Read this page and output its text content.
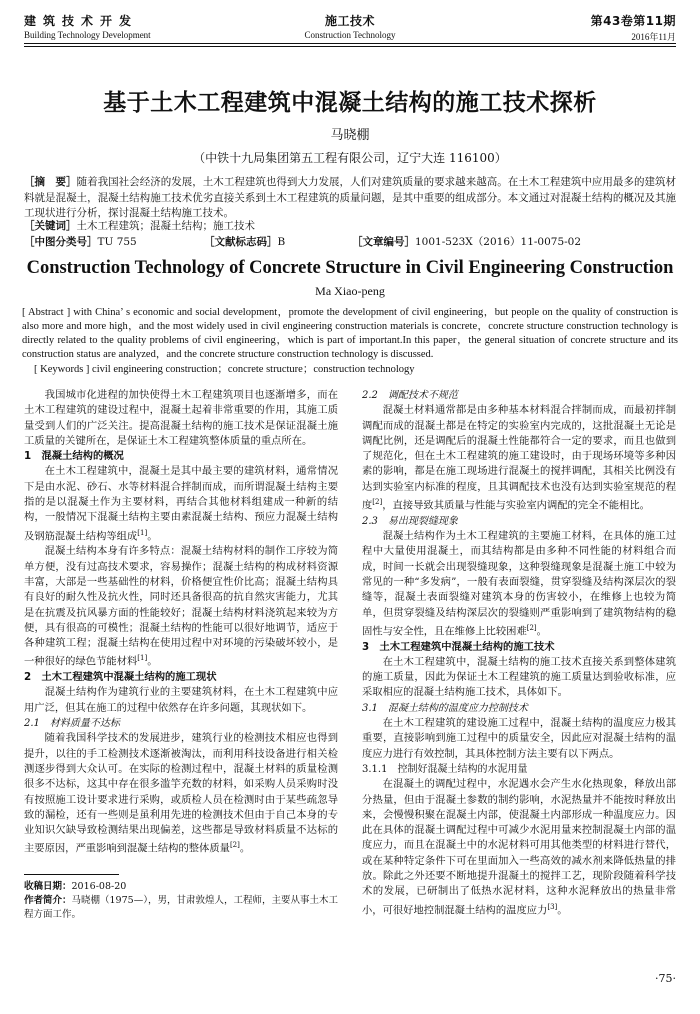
建筑技术开发
Building Technology Development
施工技术
Construction Technology
第43卷第11期
2016年11月
基于土木工程建筑中混凝土结构的施工技术探析
马晓棚
（中铁十九局集团第五工程有限公司，辽宁大连 116100）
［摘　要］随着我国社会经济的发展，土木工程建筑也得到大力发展，人们对建筑质量的要求越来越高。在土木工程建筑中应用最多的建筑材料就是混凝土，混凝土结构施工技术优劣直接关系到土木工程建筑的质量问题，是其中重要的组成部分。本文通过对混凝土结构的概况及其施工现状进行分析，探讨混凝土结构施工技术。
［关键词］土木工程建筑；混凝土结构；施工技术
［中图分类号］TU 755	［文献标志码］B	［文章编号］1001-523X（2016）11-0075-02
Construction Technology of Concrete Structure in Civil Engineering Construction
Ma Xiao-peng
[ Abstract ] with China’ s economic and social development，promote the development of civil engineering，but people on the quality of construction is also more and more high，and the most widely used in civil engineering construction materials is concrete，concrete structure construction technology is directly related to the quality problems of civil engineering，which is part of important.In this paper，the general situation of concrete structure and its construction status are analyzed，and the concrete structure construction technology is discussed.
[ Keywords ] civil engineering construction；concrete structure；construction technology

我国城市化进程的加快使得土木工程建筑项目也逐渐增多，而在土木工程建筑的建设过程中，混凝土起着非常重要的作用，其施工质量受到人们的广泛关注。提高混凝土结构的施工技术是保证混凝土施工质量的关键所在，是保证土木工程建筑整体质量的重点所在。

1　混凝土结构的概况

在土木工程建筑中，混凝土是其中最主要的建筑材料，通常情况下是由水泥、砂石、水等材料混合拌制而成，而所谓混凝土结构主要指的是以混凝土作为主要材料，再结合其他材料组建成一种新的结构，一般情况下混凝土结构主要由素混凝土结构、预应力混凝土结构及钢筋混凝土结构等组成[1]。

混凝土结构本身有许多特点：混凝土结构材料的制作工序较为简单方便，没有过高技术要求，容易操作；混凝土结构的构成材料资源丰富，大部是一些基础性的材料，价格便宜性价比高；混凝土结构具有良好的耐久性及抗火性，同时还具备很高的抗自然灾害能力，尤其是在抗震及抗风暴方面的性能较好；混凝土结构材料浇筑起来较为方便，具有很高的可模性；混凝土结构的性能可以很好地调节，适应于各种建筑工程；混凝土结构在使用过程中对环境的污染破坏较小，是一种很好的绿色节能材料[1]。

2　土木工程建筑中混凝土结构的施工现状

混凝土结构作为建筑行业的主要建筑材料，在土木工程建筑中应用广泛，但其在施工的过程中依然存在许多问题，其现状如下。

2.1　材料质量不达标

随着我国科学技术的发展进步，建筑行业的检测技术相应也得到提升，以往的手工检测技术逐渐被淘汰，而利用科技设备进行相关检测逐步得到大众认可。在实际的检测过程中，混凝土材料的质量检测很多不达标，这其中存在很多滥竽充数的材料，如采购人员采购时没有按照施工设计要求进行采购，或质检人员在检测时由于某些疏忽导致的漏检，还有一些则是虽利用先进的检测技术但由于自己本身的专业知识欠缺导致检测结果出现偏差，这些都是导致材料质量不达标的主要原因，严重影响到混凝土结构的整体质量[2]。

收稿日期：2016-08-20
作者简介：马晓棚（1975—），男，甘肃敦煌人，工程师，主要从事土木工程方面工作。
2.2　调配技术不规范

混凝土材料通常都是由多种基本材料混合拌制而成，而最初拌制调配而成的混凝土都是在特定的实验室内完成的，这批混凝土无论是调配比例，还是调配后的混凝土性能都符合一定的要求，而且也做到了规范化，但在土木工程建筑的施工建设时，由于现场环境等多种因素的影响，都是在施工现场进行混凝土的搅拌调配，其相关比例没有达到实验室内标准的程度，且其调配技术也没有达到实验室规范的程度[2]，直接导致其质量与性能与实验室内调配的完全不能相比。

2.3　易出现裂缝现象

混凝土结构作为土木工程建筑的主要施工材料，在具体的施工过程中大量使用混凝土，而其结构都是由多种不同性能的材料组合而成，时间一长就会出现裂缝现象，这种裂缝现象是混凝土施工中较为常见的一种“多发病”，一般有表面裂缝，贯穿裂缝及结构深层次的裂缝等，混凝土表面裂缝对建筑本身的伤害较小，在维修上也较为简单，但贯穿裂缝及结构深层次的裂缝则严重影响到了建筑物结构的稳固性与安全性，且在维修上比较困难[2]。

3　土木工程建筑中混凝土结构的施工技术

在土木工程建筑中，混凝土结构的施工技术直接关系到整体建筑的施工质量，因此为保证土木工程建筑的施工质量达到验收标准，应采取相应的混凝土结构施工技术，具体如下。

3.1　混凝土结构的温度应力控制技术

在土木工程建筑的建设施工过程中，混凝土结构的温度应力极其重要，直接影响到施工过程中的质量安全，因此应对混凝土结构的温度应力进行有效控制，其具体控制方法主要有以下两点。

3.1.1　控制好混凝土结构的水泥用量

在混凝土的调配过程中，水泥遇水会产生水化热现象，释放出部分热量，但由于混凝土参数的制约影响，水泥热量并不能按时释放出来，会慢慢积聚在混凝土内部，使混凝土内部形成一种温度应力。因此在具体的混凝土调配过程中可减少水泥用量来控制混凝土内部的温度应力，而且在混凝土中的水泥材料可用其他类型的材料进行替代，或在某种特定条件下可在里面加入一些高效的减水剂来降低热量的排放。除此之外还要不断地提升混凝土的搅拌工艺，现阶段随着科学技术的发展，已研制出了低热水泥材料，这种水泥释放出的热量非常小，可很好地控制混凝土结构的温度应力[3]。

·75·
